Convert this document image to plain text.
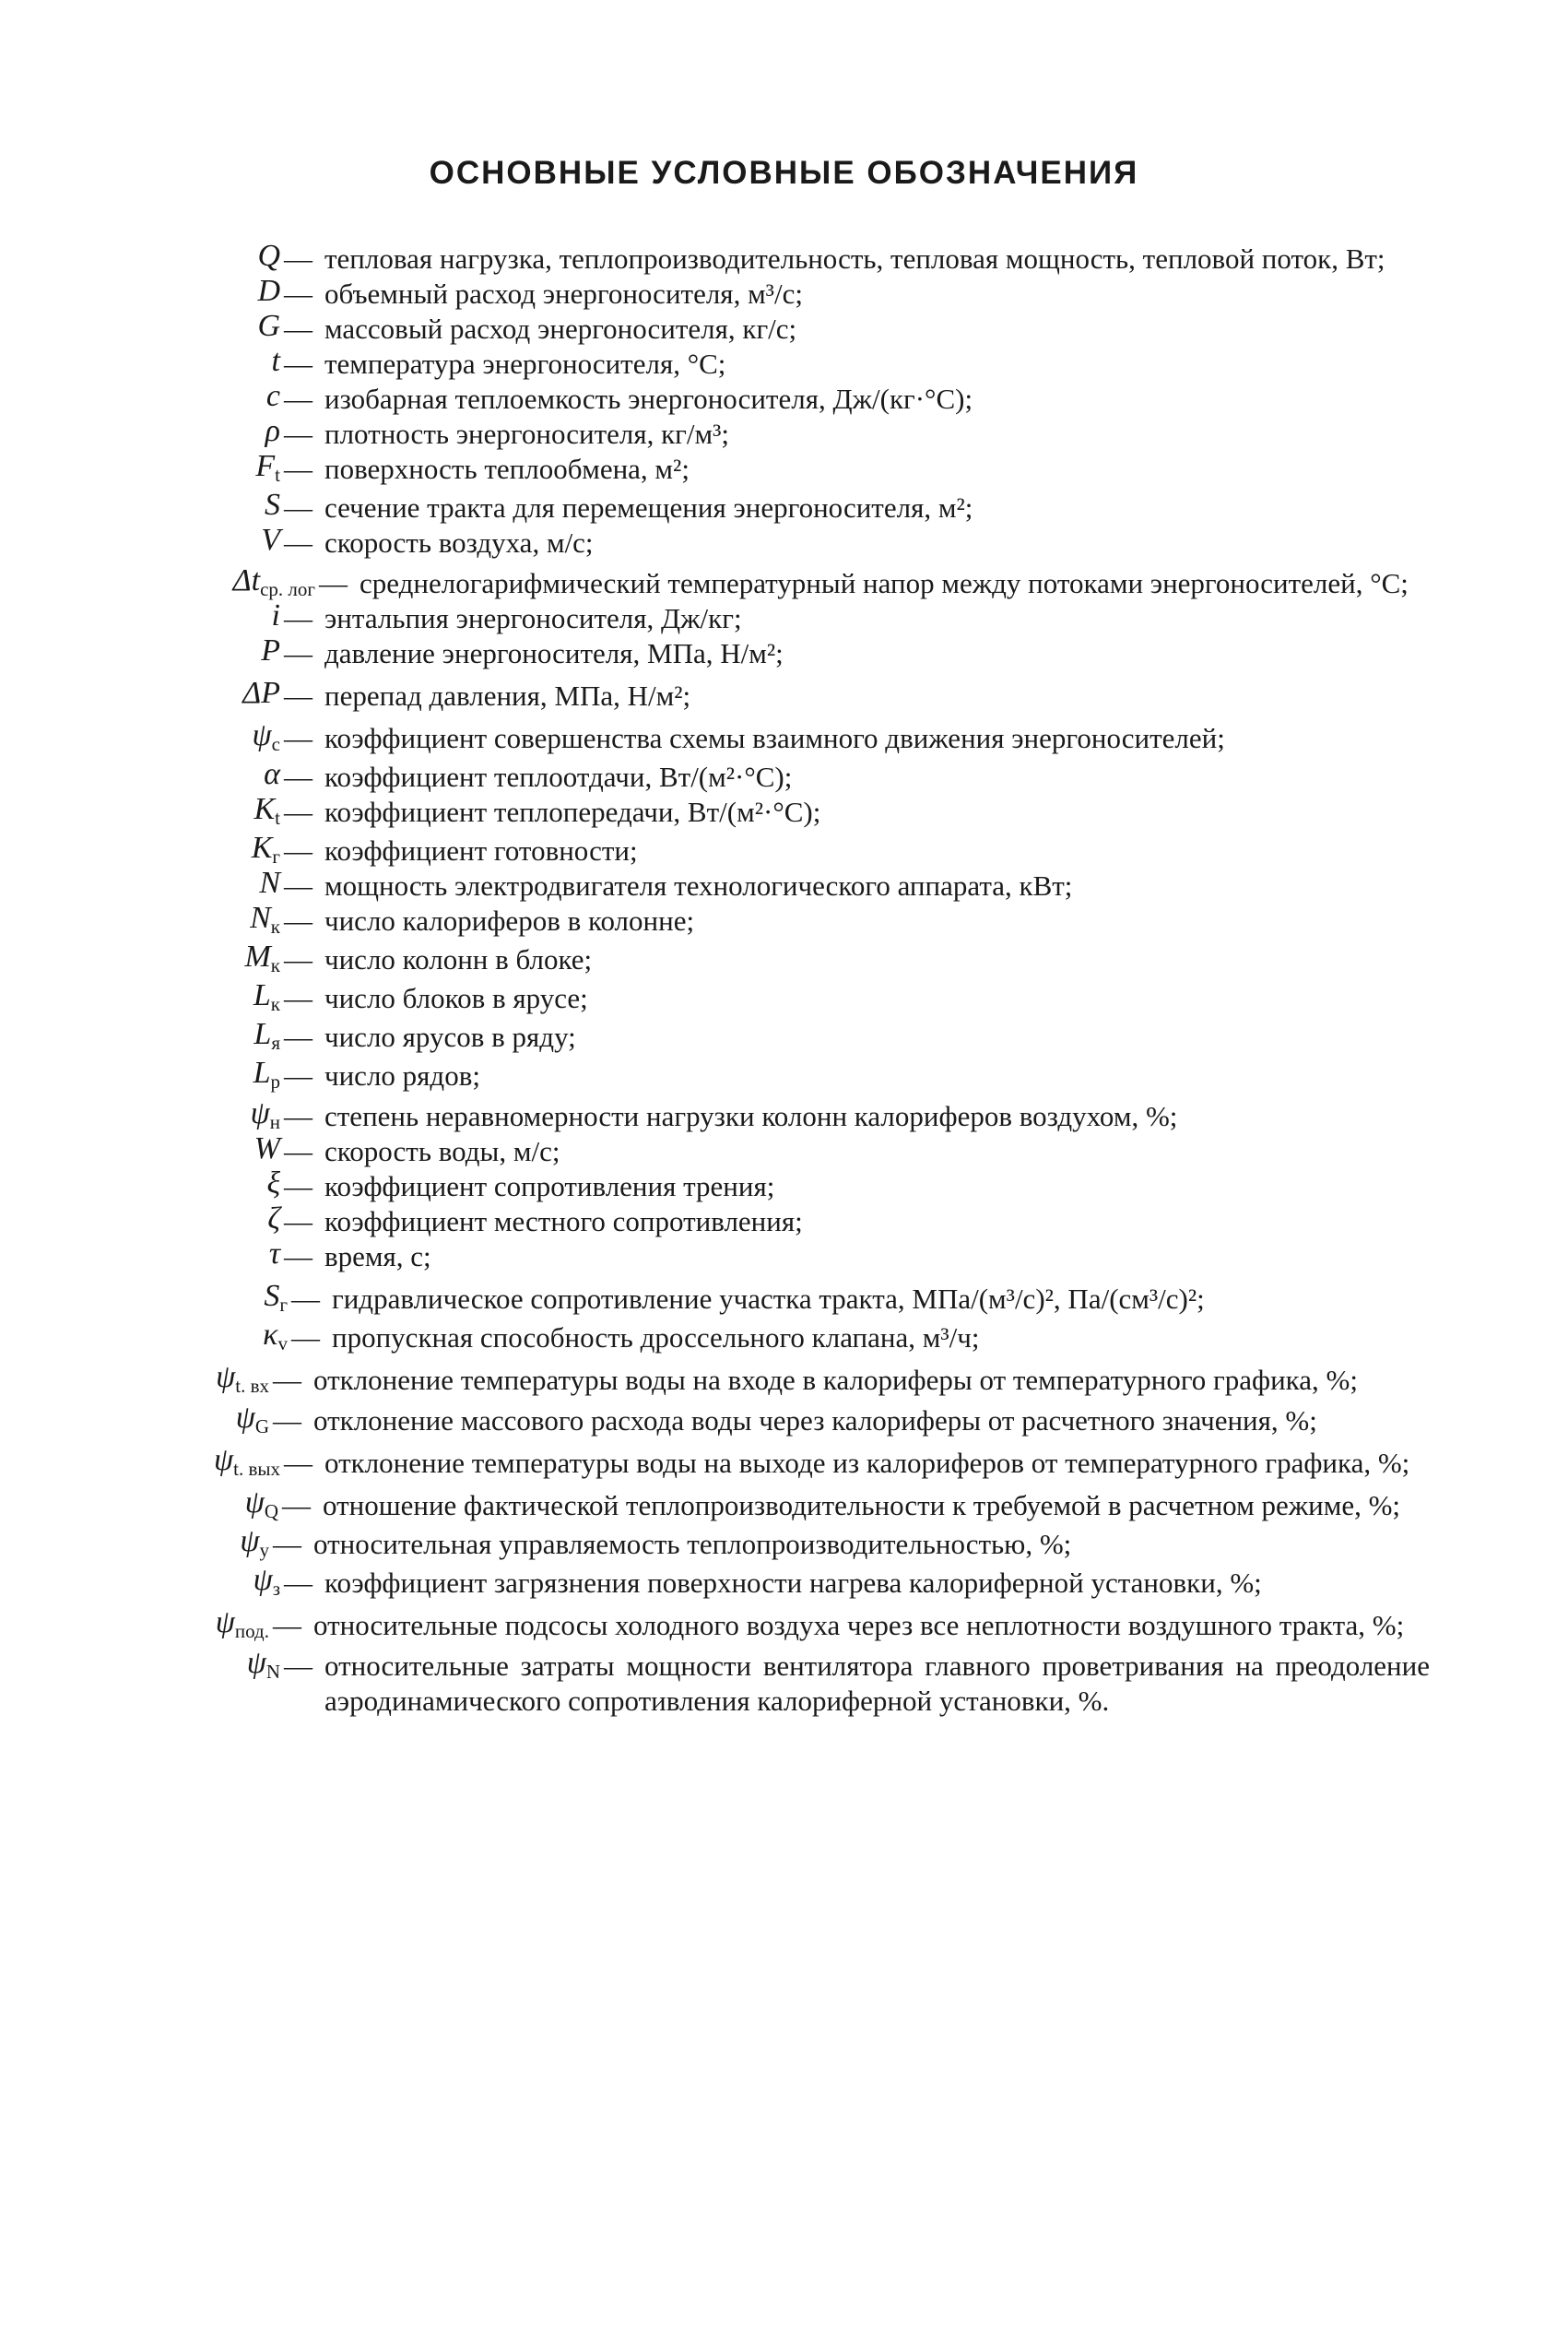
ОСНОВНЫЕ УСЛОВНЫЕ ОБОЗНАЧЕНИЯ
Q — тепловая нагрузка, теплопроизводительность, тепловая мощность, тепловой поток, Вт;
D — объемный расход энергоносителя, м³/с;
G — массовый расход энергоносителя, кг/с;
t — температура энергоносителя, °С;
c — изобарная теплоемкость энергоносителя, Дж/(кг·°С);
ρ — плотность энергоносителя, кг/м³;
$F_t$ — поверхность теплообмена, м²;
S — сечение тракта для перемещения энергоносителя, м²;
V — скорость воздуха, м/с;
$\Delta t_{ср. лог}$ — среднелогарифмический температурный напор между потоками энергоносителей, °С;
i — энтальпия энергоносителя, Дж/кг;
P — давление энергоносителя, МПа, Н/м²;
ΔP — перепад давления, МПа, Н/м²;
$\psi_с$ — коэффициент совершенства схемы взаимного движения энергоносителей;
α — коэффициент теплоотдачи, Вт/(м²·°С);
$K_t$ — коэффициент теплопередачи, Вт/(м²·°С);
$K_г$ — коэффициент готовности;
N — мощность электродвигателя технологического аппарата, кВт;
$N_к$ — число калориферов в колонне;
$M_к$ — число колонн в блоке;
$L_к$ — число блоков в ярусе;
$L_я$ — число ярусов в ряду;
$L_р$ — число рядов;
$\psi_н$ — степень неравномерности нагрузки колонн калориферов воздухом, %;
W — скорость воды, м/с;
ξ — коэффициент сопротивления трения;
ζ — коэффициент местного сопротивления;
τ — время, с;
$S_г$ — гидравлическое сопротивление участка тракта, МПа/(м³/с)², Па/(см³/с)²;
$\kappa_v$ — пропускная способность дроссельного клапана, м³/ч;
$\psi_{t. вх}$ — отклонение температуры воды на входе в калориферы от температурного графика, %;
$\psi_G$ — отклонение массового расхода воды через калориферы от расчетного значения, %;
$\psi_{t. вых}$ — отклонение температуры воды на выходе из калориферов от температурного графика, %;
$\psi_Q$ — отношение фактической теплопроизводительности к требуемой в расчетном режиме, %;
$\psi_у$ — относительная управляемость теплопроизводительностью, %;
$\psi_з$ — коэффициент загрязнения поверхности нагрева калориферной установки, %;
$\psi_{под.}$ — относительные подсосы холодного воздуха через все неплотности воздушного тракта, %;
$\psi_N$ — относительные затраты мощности вентилятора главного проветривания на преодоление аэродинамического сопротивления калориферной установки, %.
